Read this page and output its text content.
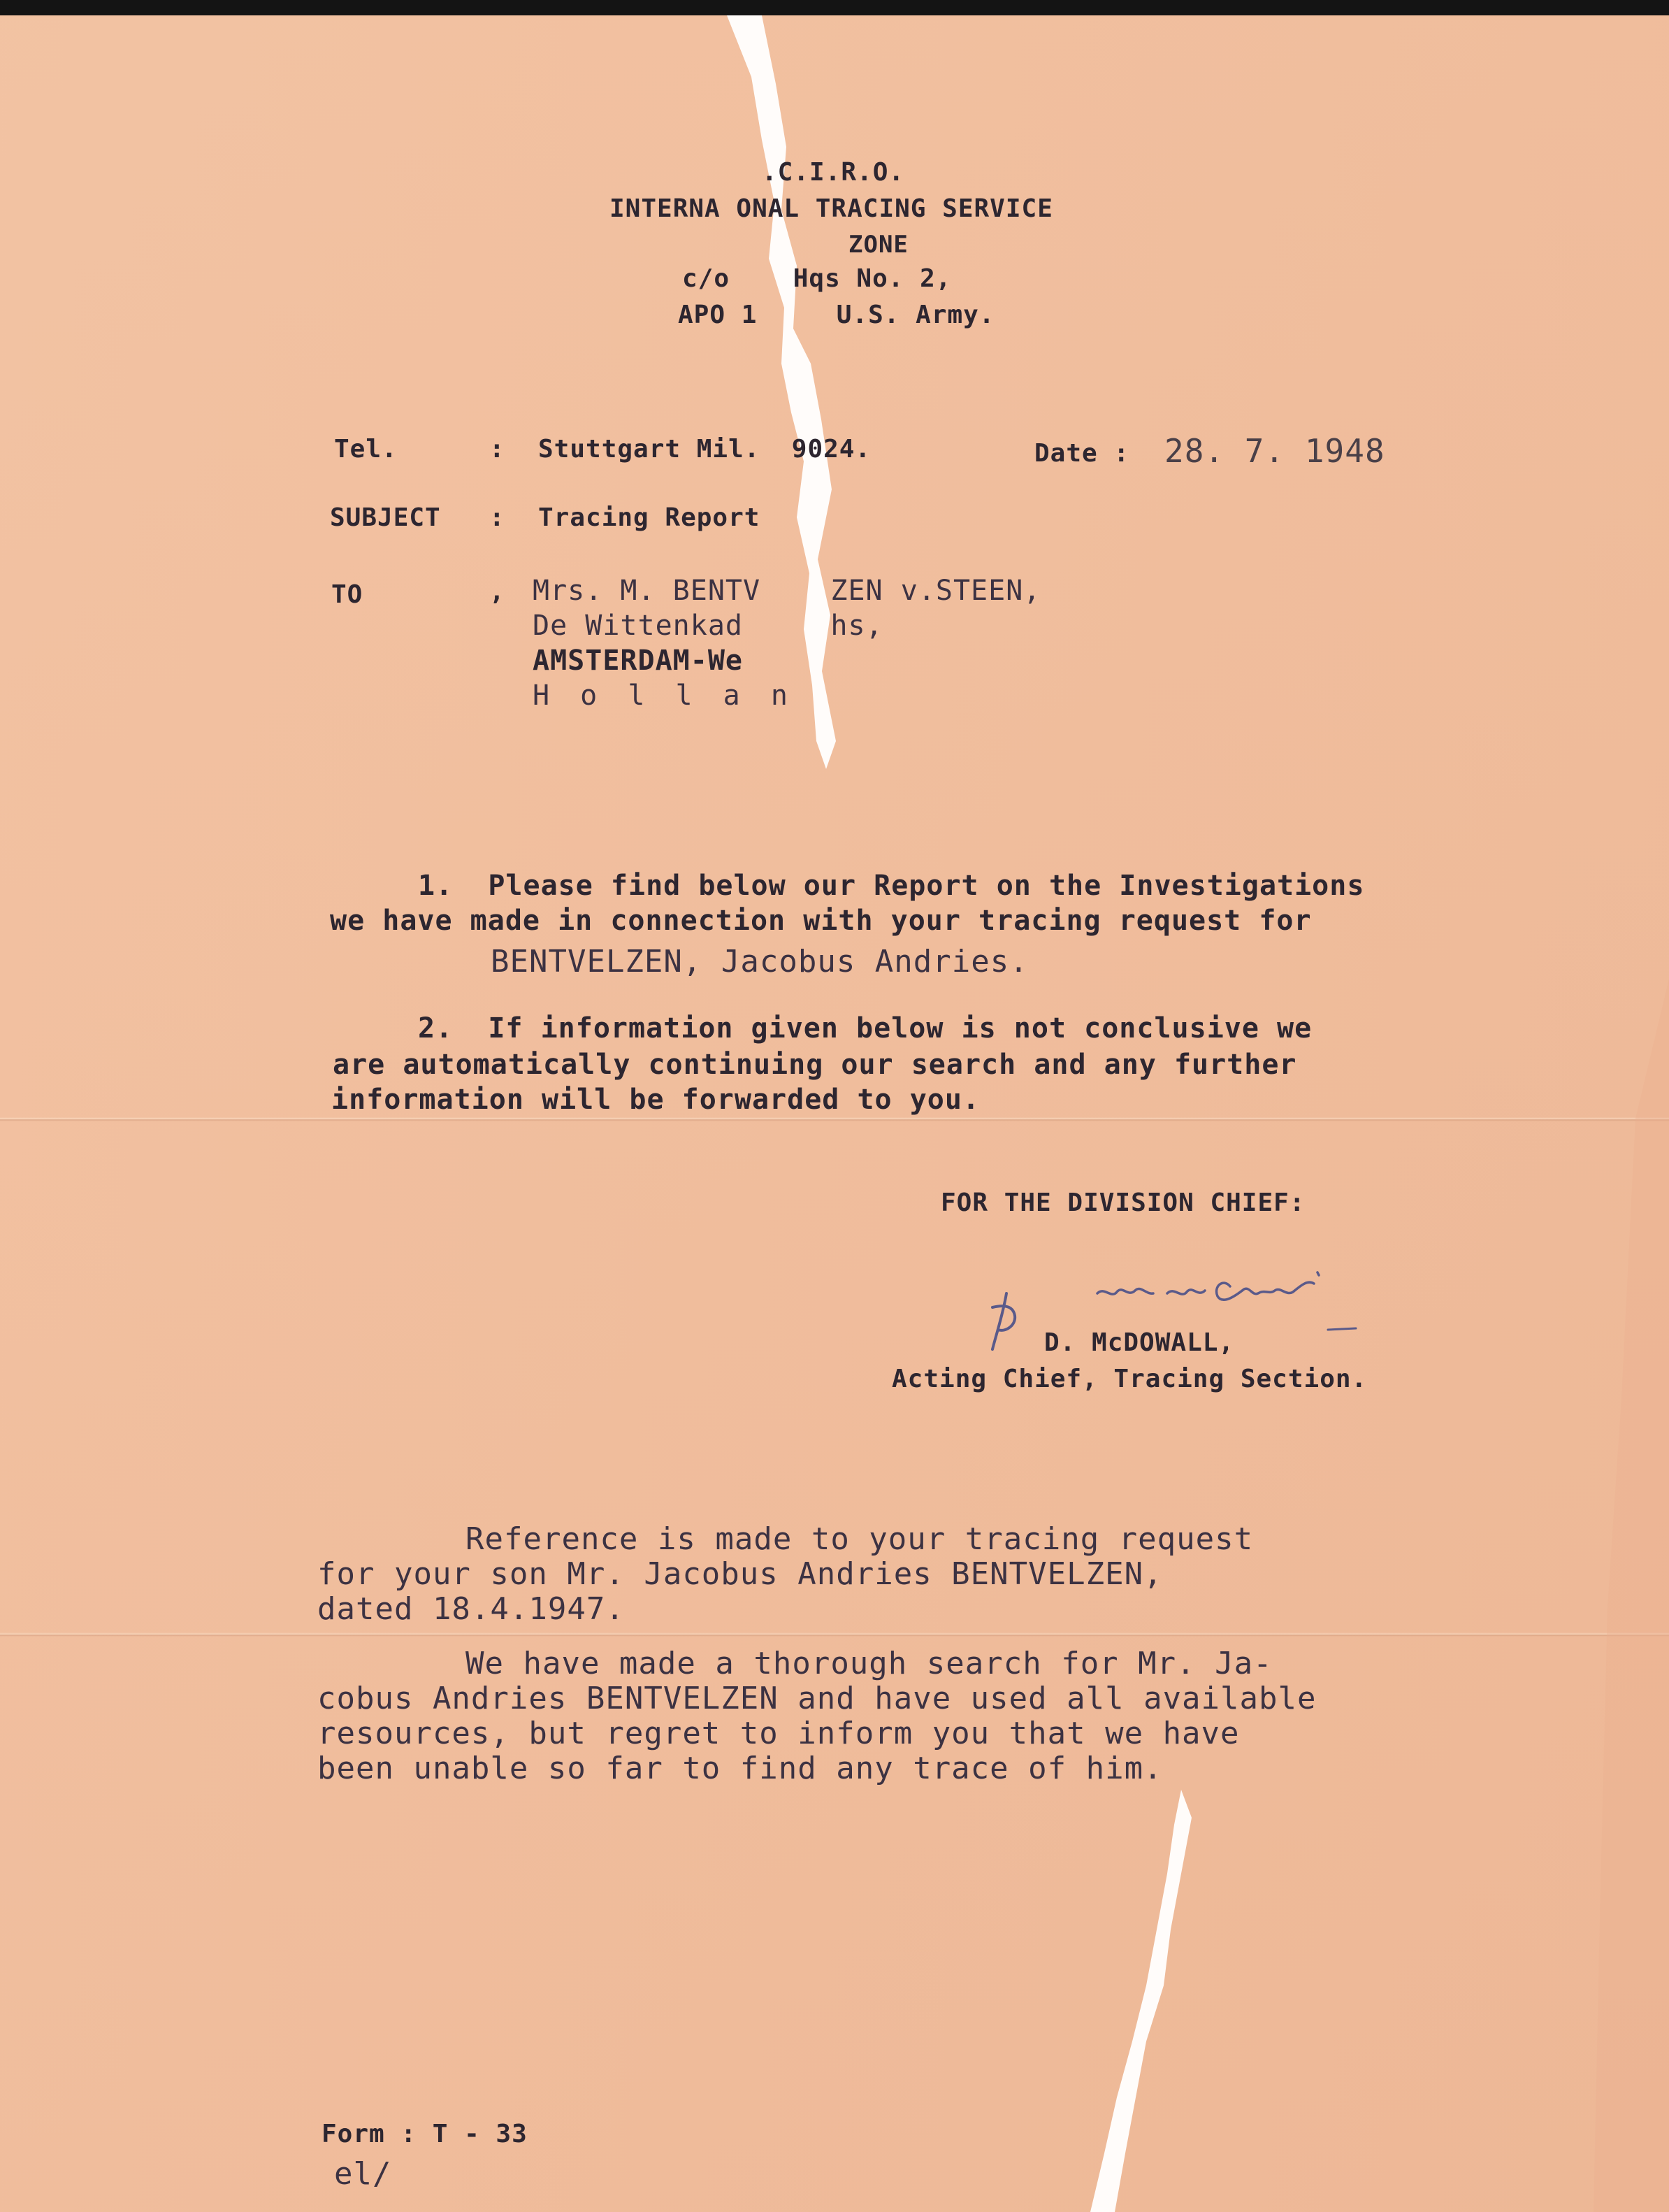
.C.I.R.O.
INTERNA ONAL TRACING SERVICE
ZONE
c/o    Hqs No. 2,
APO 1     U.S. Army.
Tel.	: Stuttgart Mil.  9024.	Date : 28. 7. 1948
SUBJECT : Tracing Report
TO	, Mrs. M. BENTV    ZEN v.STEEN,
De Wittenkad     hs,
AMSTERDAM-We
H o l l a n
1.  Please find below our Report on the Investigations
we have made in connection with your tracing request for
BENTVELZEN, Jacobus Andries.
2.  If information given below is not conclusive we
are automatically continuing our search and any further
information will be forwarded to you.
FOR THE DIVISION CHIEF:
D. McDOWALL,
Acting Chief, Tracing Section.
Reference is made to your tracing request
for your son Mr. Jacobus Andries BENTVELZEN,
dated 18.4.1947.
We have made a thorough search for Mr. Ja-
cobus Andries BENTVELZEN and have used all available
resources, but regret to inform you that we have
been unable so far to find any trace of him.
Form : T - 33
el/
